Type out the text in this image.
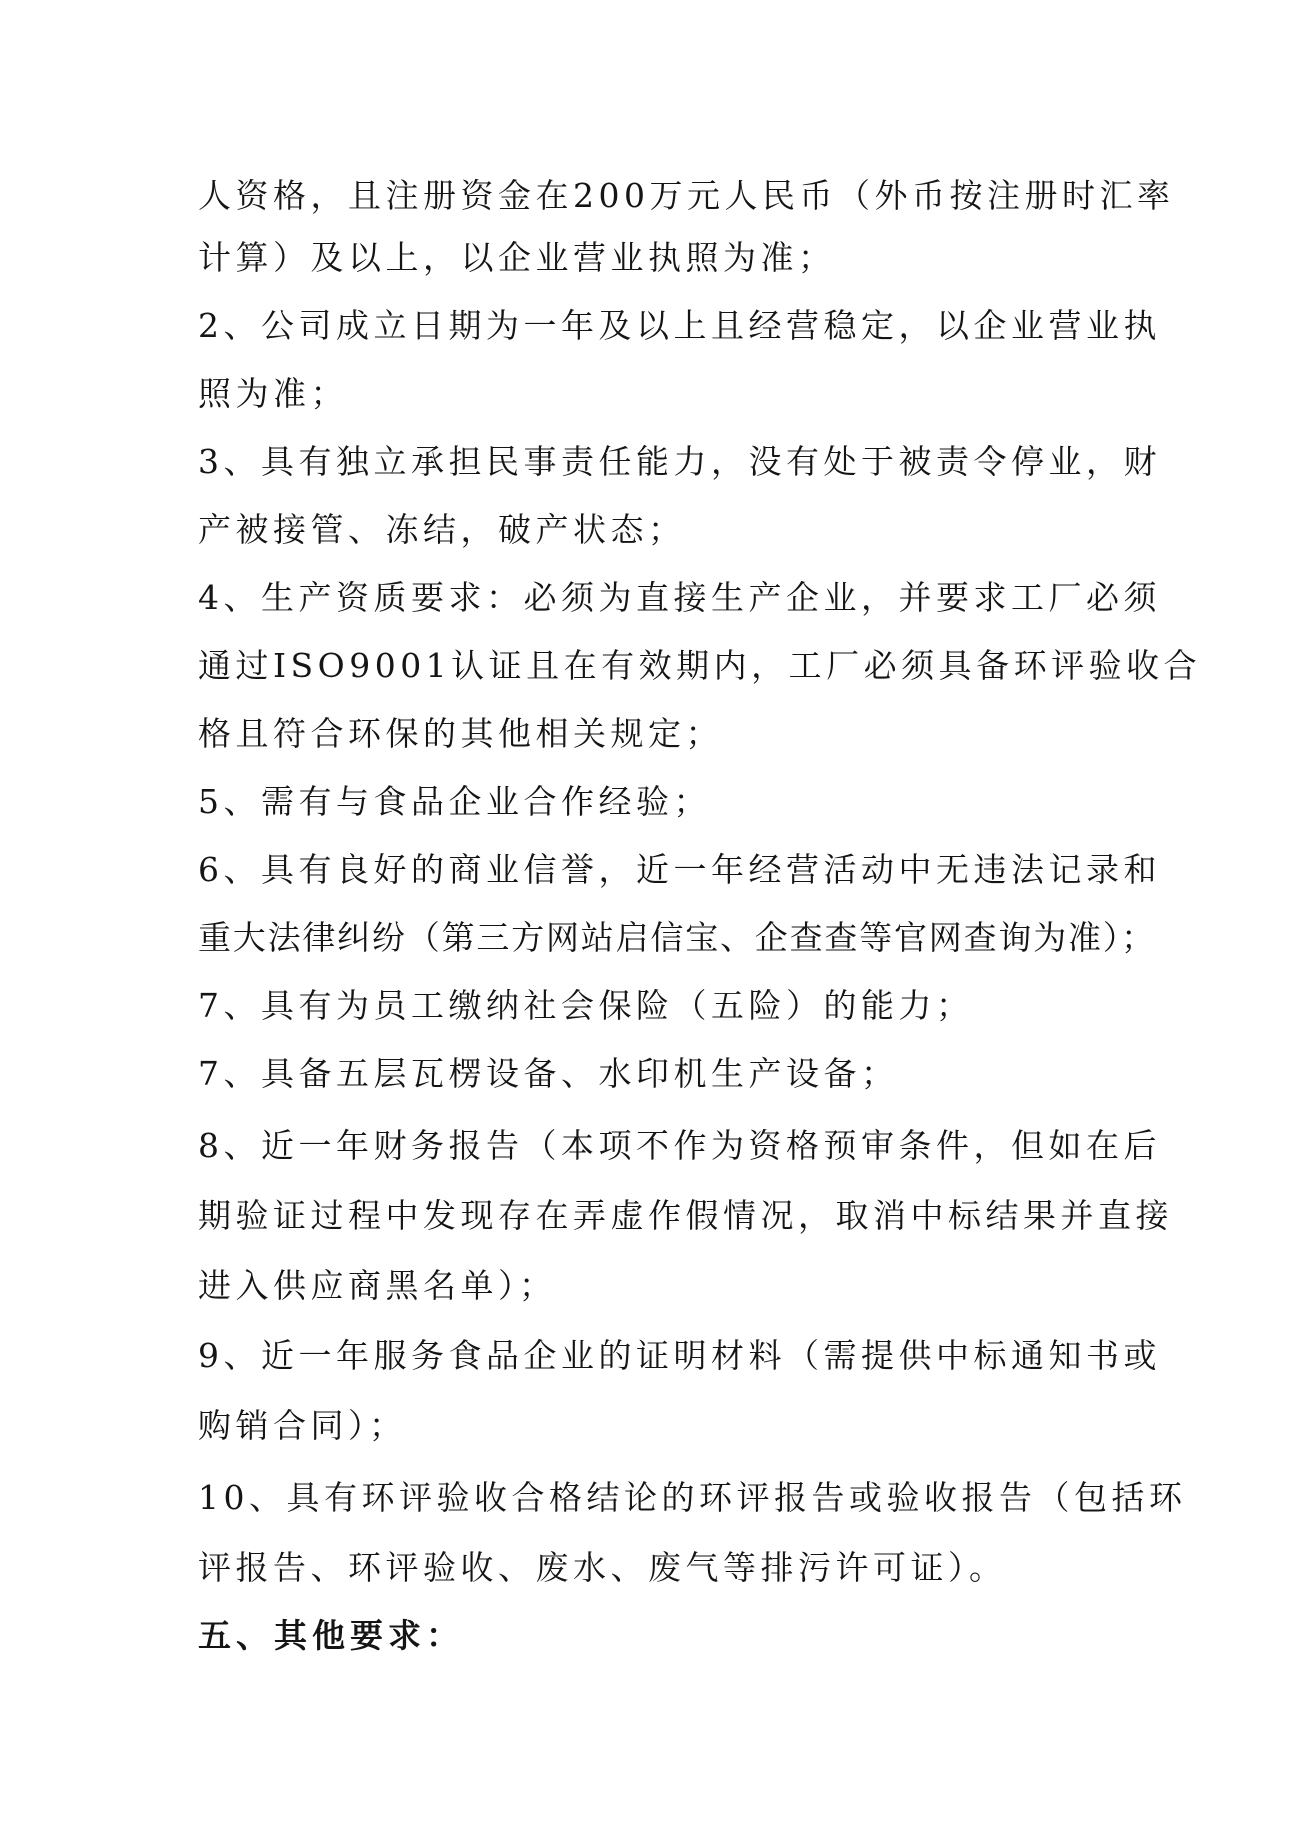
人资格，且注册资金在200万元人民币（外币按注册时汇率
计算）及以上，以企业营业执照为准；
2、公司成立日期为一年及以上且经营稳定，以企业营业执
照为准；
3、具有独立承担民事责任能力，没有处于被责令停业，财
产被接管、冻结，破产状态；
4、生产资质要求：必须为直接生产企业，并要求工厂必须
通过ISO9001认证且在有效期内，工厂必须具备环评验收合
格且符合环保的其他相关规定；
5、需有与食品企业合作经验；
6、具有良好的商业信誉，近一年经营活动中无违法记录和
重大法律纠纷（第三方网站启信宝、企查查等官网查询为准）；
7、具有为员工缴纳社会保险（五险）的能力；
7、具备五层瓦楞设备、水印机生产设备；
8、近一年财务报告（本项不作为资格预审条件，但如在后
期验证过程中发现存在弄虚作假情况，取消中标结果并直接
进入供应商黑名单）；
9、近一年服务食品企业的证明材料（需提供中标通知书或
购销合同）；
10、具有环评验收合格结论的环评报告或验收报告（包括环
评报告、环评验收、废水、废气等排污许可证）。
五、其他要求：
